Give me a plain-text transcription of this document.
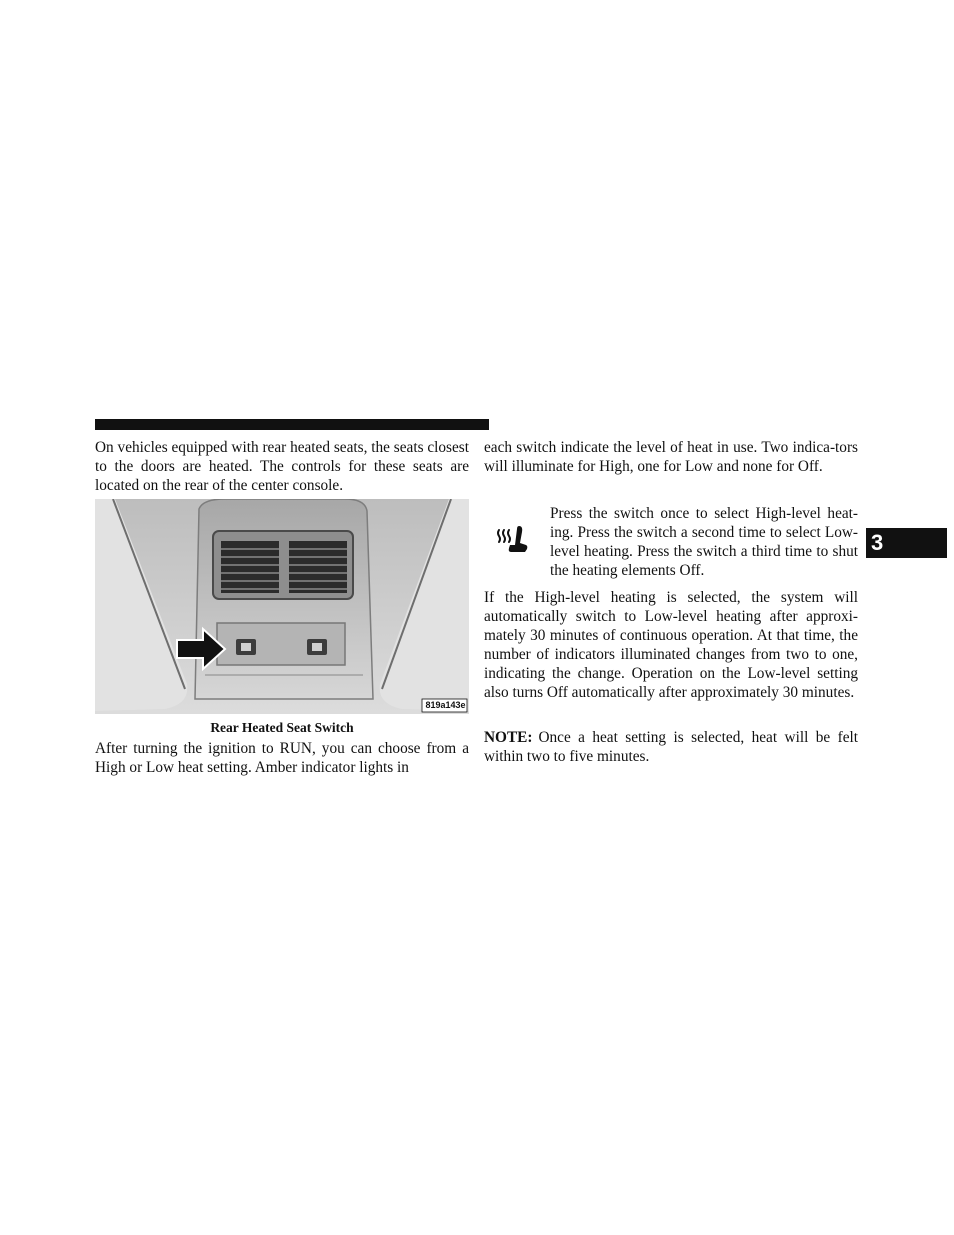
On vehicles equipped with rear heated seats, the seats closest to the doors are heated. The controls for these seats are located on the rear of the center console.

819a143e
Rear Heated Seat Switch

After turning the ignition to RUN, you can choose from a High or Low heat setting. Amber indicator lights in

each switch indicate the level of heat in use. Two indica-tors will illuminate for High, one for Low and none for Off.

Press the switch once to select High-level heat-ing. Press the switch a second time to select Low-level heating. Press the switch a third time to shut the heating elements Off.

If the High-level heating is selected, the system will automatically switch to Low-level heating after approxi-mately 30 minutes of continuous operation. At that time, the number of indicators illuminated changes from two to one, indicating the change. Operation on the Low-level setting also turns Off automatically after approximately 30 minutes.

NOTE: Once a heat setting is selected, heat will be felt within two to five minutes.

3
